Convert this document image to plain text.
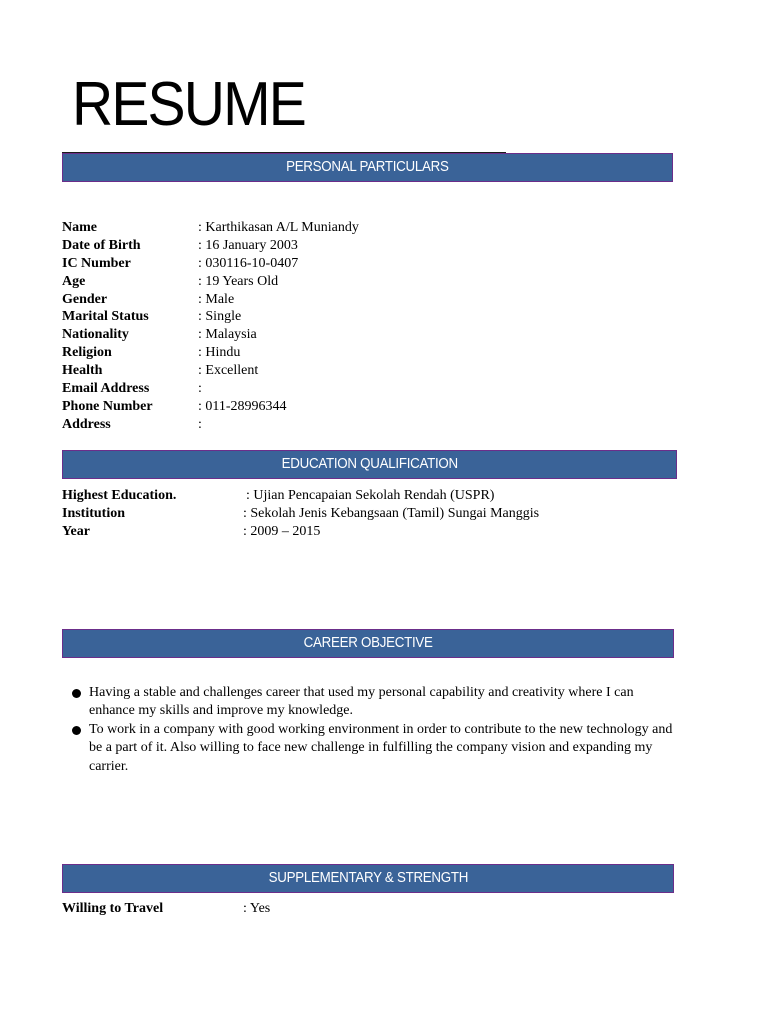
RESUME
PERSONAL PARTICULARS
Name	: Karthikasan A/L Muniandy
Date of Birth	: 16 January 2003
IC Number	: 030116-10-0407
Age	: 19 Years Old
Gender	: Male
Marital Status	: Single
Nationality	: Malaysia
Religion	: Hindu
Health	: Excellent
Email Address	:
Phone Number	: 011-28996344
Address	:
EDUCATION QUALIFICATION
Highest Education.	: Ujian Pencapaian Sekolah Rendah (USPR)
Institution	: Sekolah Jenis Kebangsaan (Tamil) Sungai Manggis
Year	: 2009 – 2015
CAREER OBJECTIVE
Having a stable and challenges career that used my personal capability and creativity where I can enhance my skills and improve my knowledge.
To work in a company with good working environment in order to contribute to the new technology and be a part of it. Also willing to face new challenge in fulfilling the company vision and expanding my carrier.
SUPPLEMENTARY & STRENGTH
Willing to Travel	: Yes
